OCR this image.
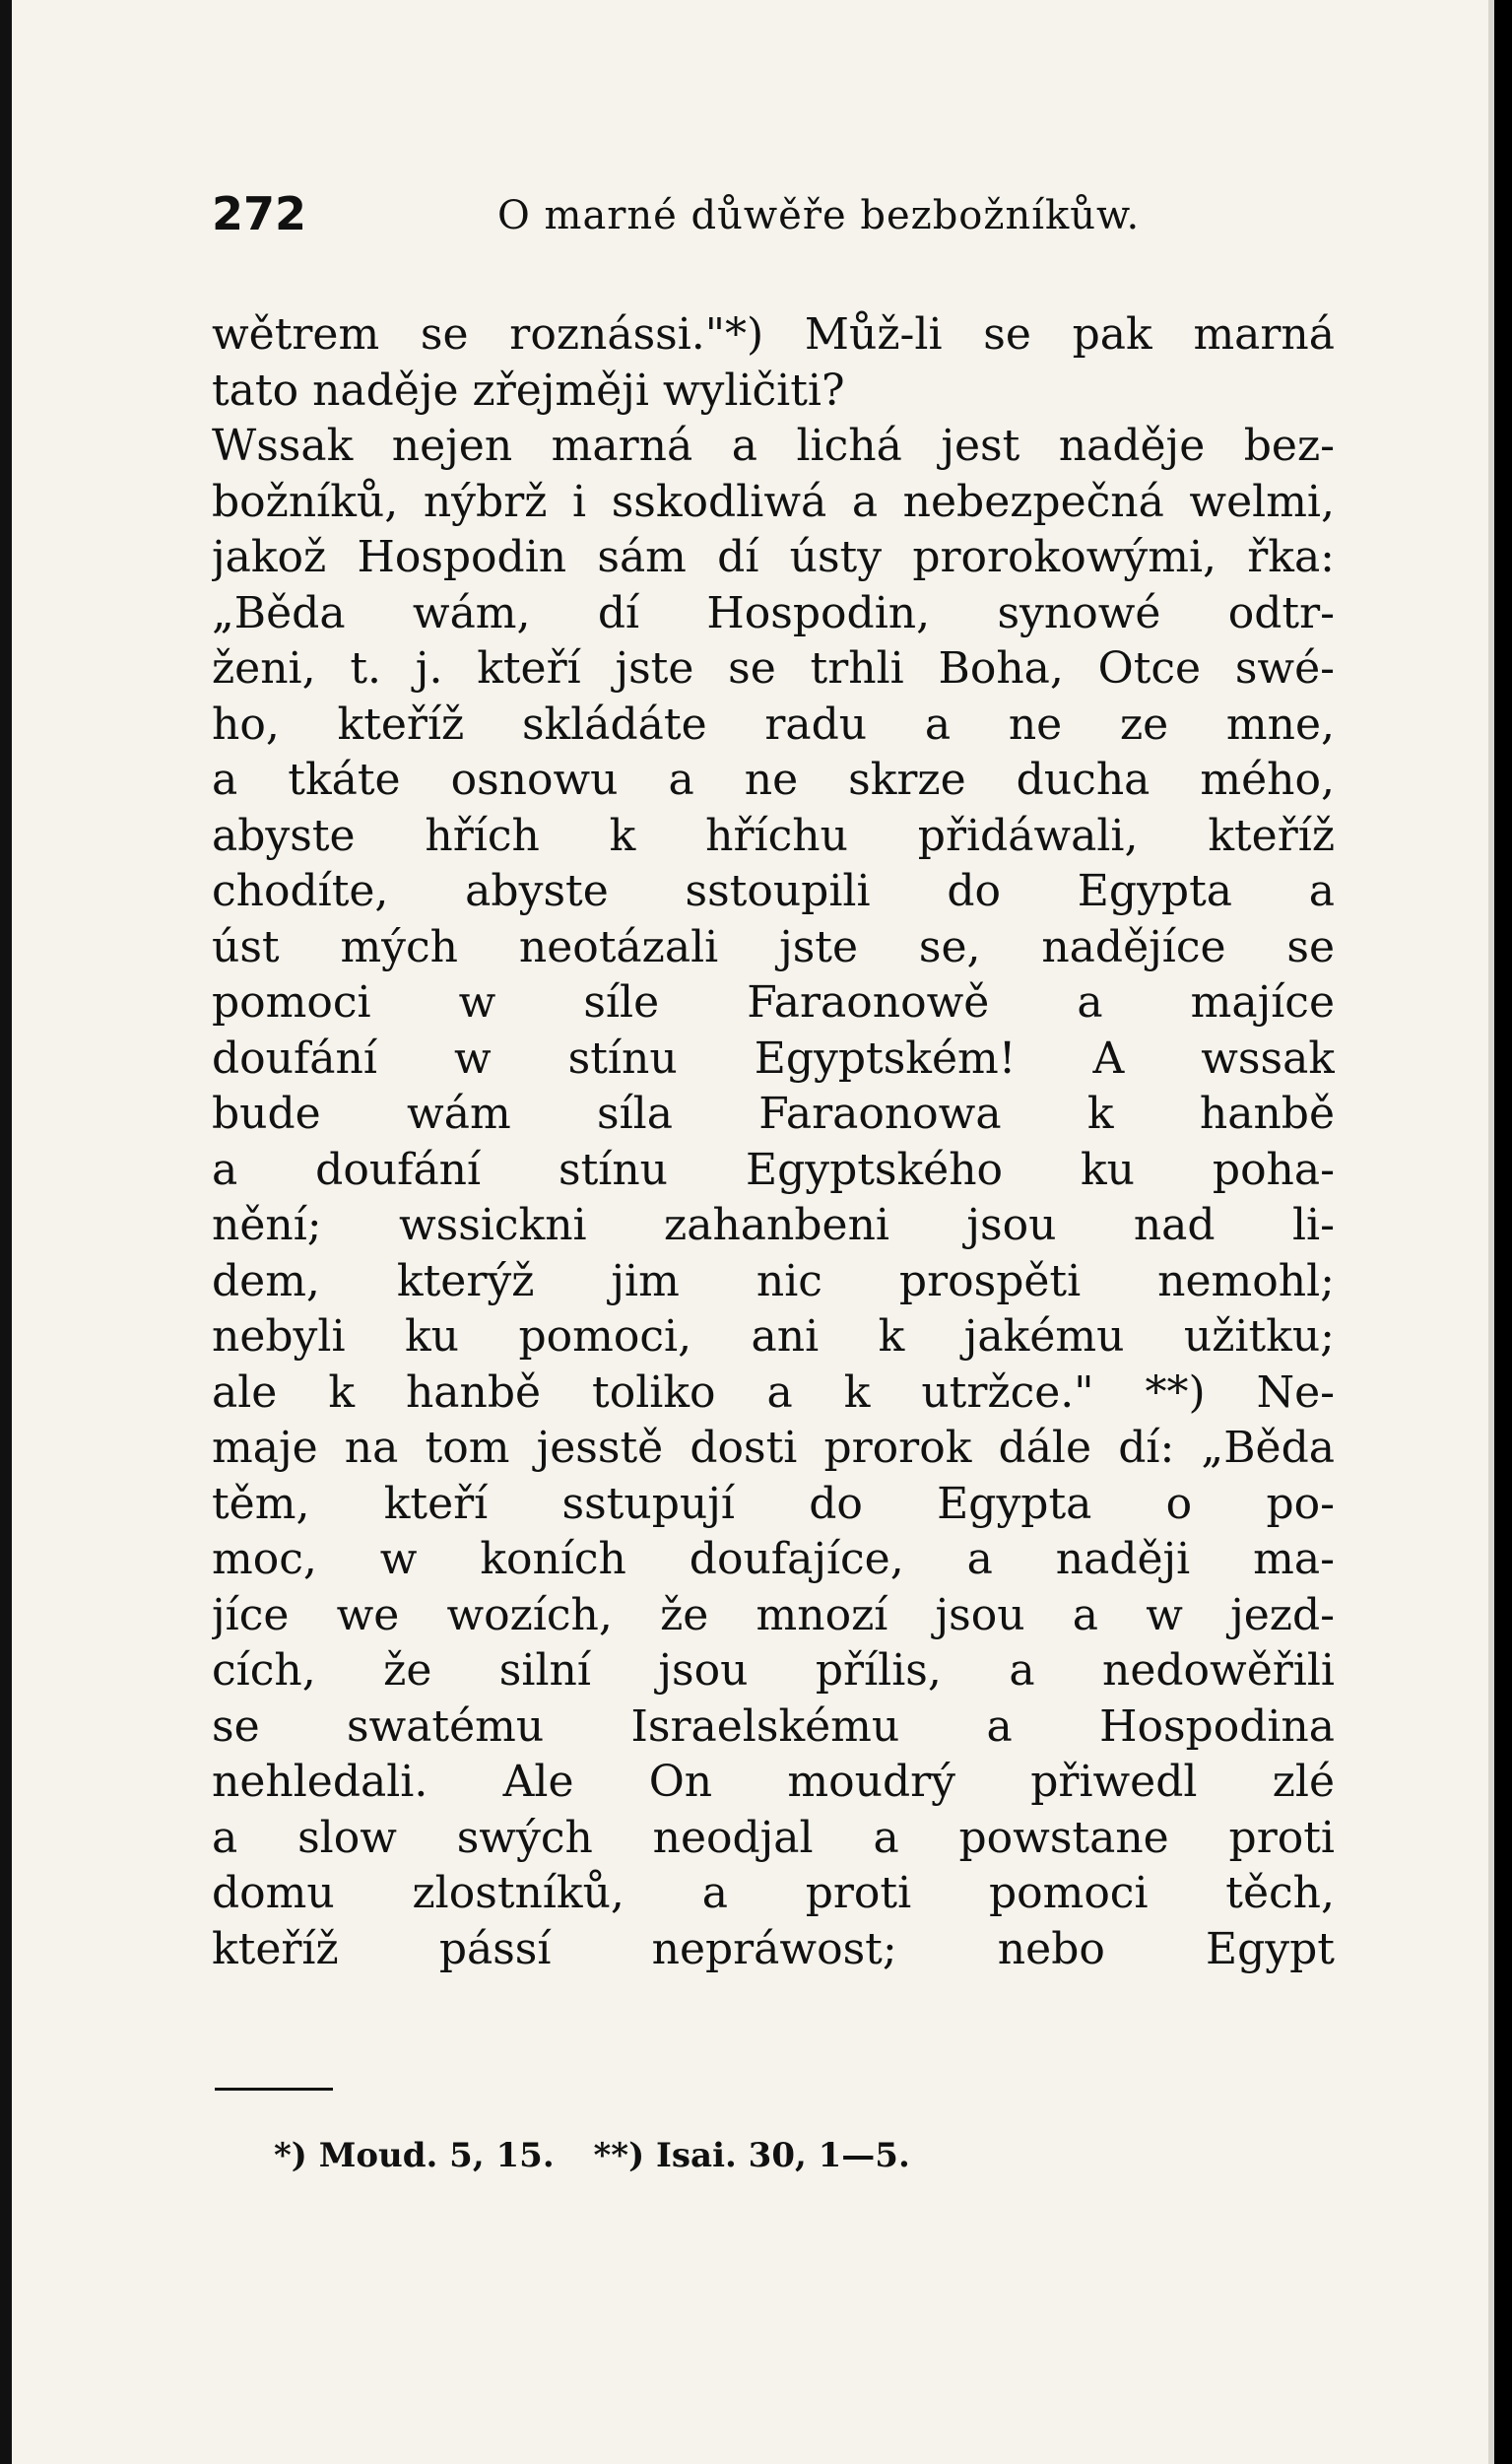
272	O marné důwěře bezbožníkůw.
wětrem se roznássi."*) Můž-li se pak marná
tato naděje zřejměji wyličiti?
Wssak nejen marná a lichá jest naděje bez-
božníků, nýbrž i sskodliwá a nebezpečná welmi,
jakož Hospodin sám dí ústy prorokowými, řka:
„Běda wám, dí Hospodin, synowé odtr-
ženi, t. j. kteří jste se trhli Boha, Otce swé-
ho, kteříž skládáte radu a ne ze mne,
a tkáte osnowu a ne skrze ducha mého,
abyste hřích k hříchu přidáwali, kteříž
chodíte, abyste sstoupili do Egypta a
úst mých neotázali jste se, nadějíce se
pomoci w síle Faraonowě a majíce
doufání w stínu Egyptském! A wssak
bude wám síla Faraonowa k hanbě
a doufání stínu Egyptského ku poha-
nění; wssickni zahanbeni jsou nad li-
dem, kterýž jim nic prospěti nemohl;
nebyli ku pomoci, ani k jakému užitku;
ale k hanbě toliko a k utržce." **) Ne-
maje na tom jesstě dosti prorok dále dí: „Běda
těm, kteří sstupují do Egypta o po-
moc, w koních doufajíce, a naději ma-
jíce we wozích, že mnozí jsou a w jezd-
cích, že silní jsou přílis, a nedowěřili
se swatému Israelskému a Hospodina
nehledali. Ale On moudrý přiwedl zlé
a slow swých neodjal a powstane proti
domu zlostníků, a proti pomoci těch,
kteříž pássí nepráwost; nebo Egypt
*) Moud. 5, 15. **) Isai. 30, 1—5.
